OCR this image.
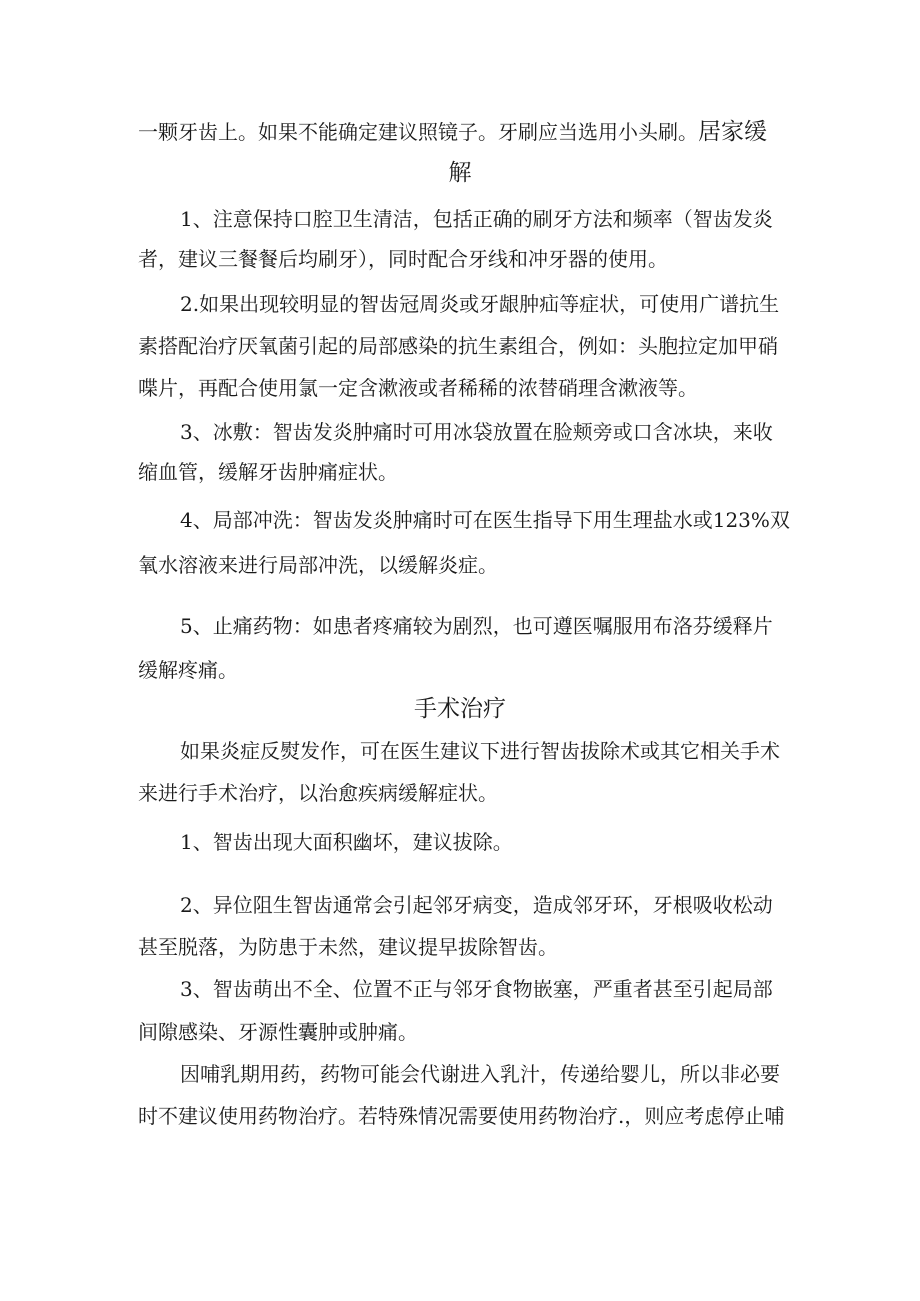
一颗牙齿上。如果不能确定建议照镜子。牙刷应当选用小头刷。居家缓
解
1、注意保持口腔卫生清洁，包括正确的刷牙方法和频率（智齿发炎
者，建议三餐餐后均刷牙），同时配合牙线和冲牙器的使用。
2.如果出现较明显的智齿冠周炎或牙龈肿疝等症状，可使用广谱抗生
素搭配治疗厌氧菌引起的局部感染的抗生素组合，例如：头胞拉定加甲硝
喋片，再配合使用氯一定含漱液或者稀稀的浓替硝理含漱液等。
3、冰敷：智齿发炎肿痛时可用冰袋放置在脸颊旁或口含冰块，来收
缩血管，缓解牙齿肿痛症状。
4、局部冲洗：智齿发炎肿痛时可在医生指导下用生理盐水或123%双
氧水溶液来进行局部冲洗，以缓解炎症。
5、止痛药物：如患者疼痛较为剧烈，也可遵医嘱服用布洛芬缓释片
缓解疼痛。
手术治疗
如果炎症反熨发作，可在医生建议下进行智齿拔除术或其它相关手术
来进行手术治疗，以治愈疾病缓解症状。
1、智齿出现大面积幽坏，建议拔除。
2、异位阻生智齿通常会引起邻牙病变，造成邻牙环，牙根吸收松动
甚至脱落，为防患于未然，建议提早拔除智齿。
3、智齿萌出不全、位置不正与邻牙食物嵌塞，严重者甚至引起局部
间隙感染、牙源性囊肿或肿痛。
因哺乳期用药，药物可能会代谢进入乳汁，传递给婴儿，所以非必要
时不建议使用药物治疗。若特殊情况需要使用药物治疗.，则应考虑停止哺
